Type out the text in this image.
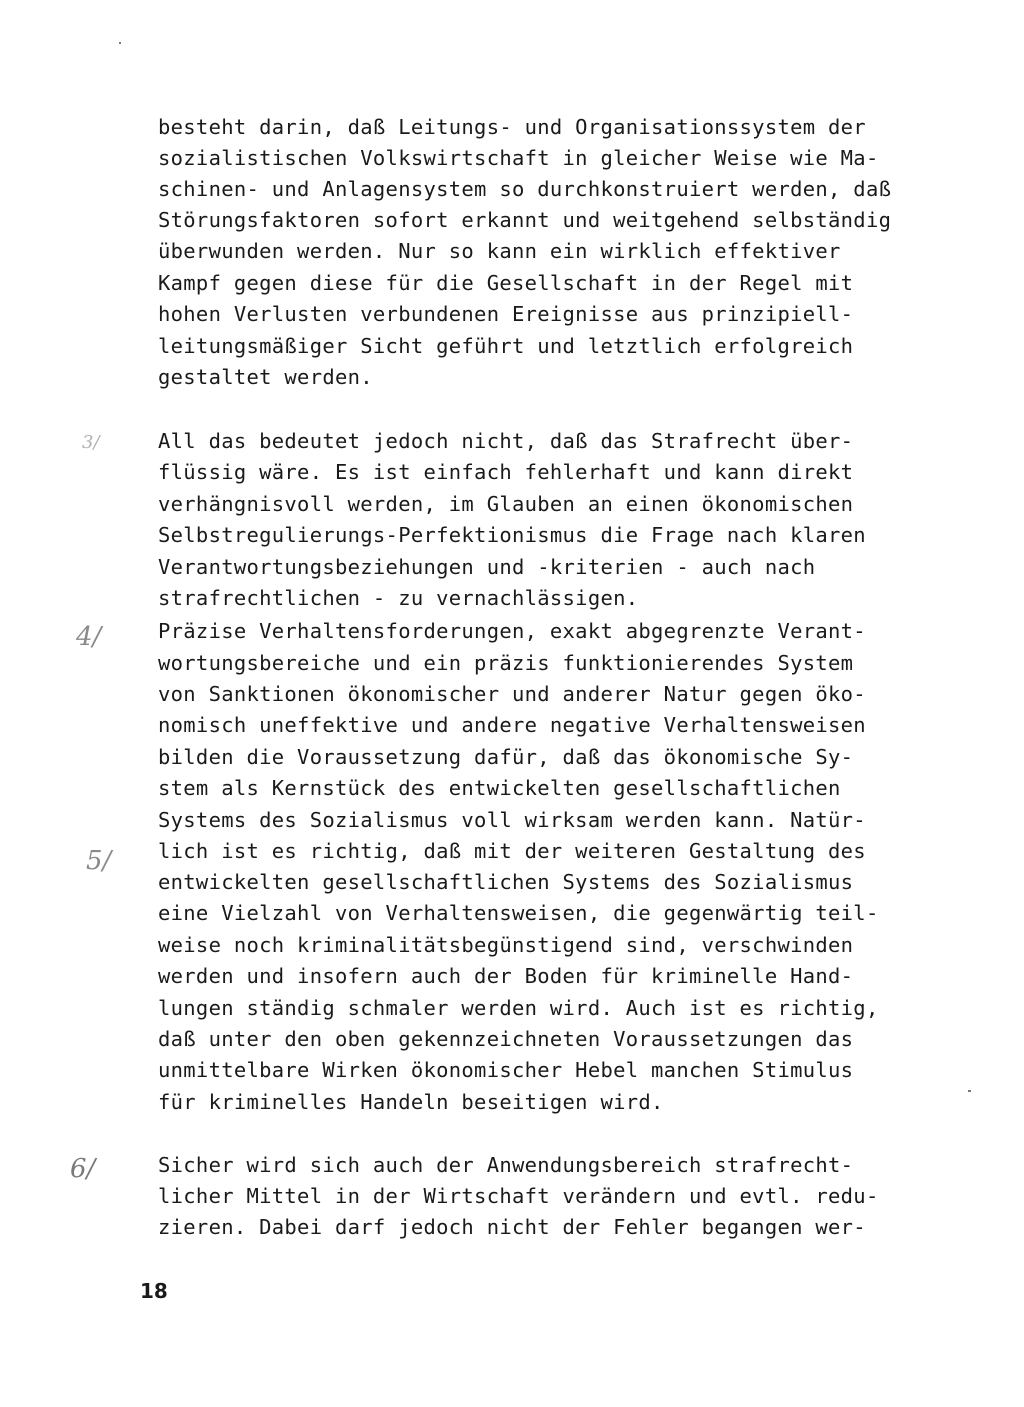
besteht darin, daß Leitungs- und Organisationssystem der
sozialistischen Volkswirtschaft in gleicher Weise wie Ma-
schinen- und Anlagensystem so durchkonstruiert werden, daß
Störungsfaktoren sofort erkannt und weitgehend selbständig
überwunden werden. Nur so kann ein wirklich effektiver
Kampf gegen diese für die Gesellschaft in der Regel mit
hohen Verlusten verbundenen Ereignisse aus prinzipiell-
leitungsmäßiger Sicht geführt und letztlich erfolgreich
gestaltet werden.
All das bedeutet jedoch nicht, daß das Strafrecht über-
flüssig wäre. Es ist einfach fehlerhaft und kann direkt
verhängnisvoll werden, im Glauben an einen ökonomischen
Selbstregulierungs-Perfektionismus die Frage nach klaren
Verantwortungsbeziehungen und -kriterien - auch nach
strafrechtlichen - zu vernachlässigen.
Präzise Verhaltensforderungen, exakt abgegrenzte Verant-
wortungsbereiche und ein präzis funktionierendes System
von Sanktionen ökonomischer und anderer Natur gegen öko-
nomisch uneffektive und andere negative Verhaltensweisen
bilden die Voraussetzung dafür, daß das ökonomische Sy-
stem als Kernstück des entwickelten gesellschaftlichen
Systems des Sozialismus voll wirksam werden kann. Natür-
lich ist es richtig, daß mit der weiteren Gestaltung des
entwickelten gesellschaftlichen Systems des Sozialismus
eine Vielzahl von Verhaltensweisen, die gegenwärtig teil-
weise noch kriminalitätsbegünstigend sind, verschwinden
werden und insofern auch der Boden für kriminelle Hand-
lungen ständig schmaler werden wird. Auch ist es richtig,
daß unter den oben gekennzeichneten Voraussetzungen das
unmittelbare Wirken ökonomischer Hebel manchen Stimulus
für kriminelles Handeln beseitigen wird.
Sicher wird sich auch der Anwendungsbereich strafrecht-
licher Mittel in der Wirtschaft verändern und evtl. redu-
zieren. Dabei darf jedoch nicht der Fehler begangen wer-
3/
4/
5/
6/
18
